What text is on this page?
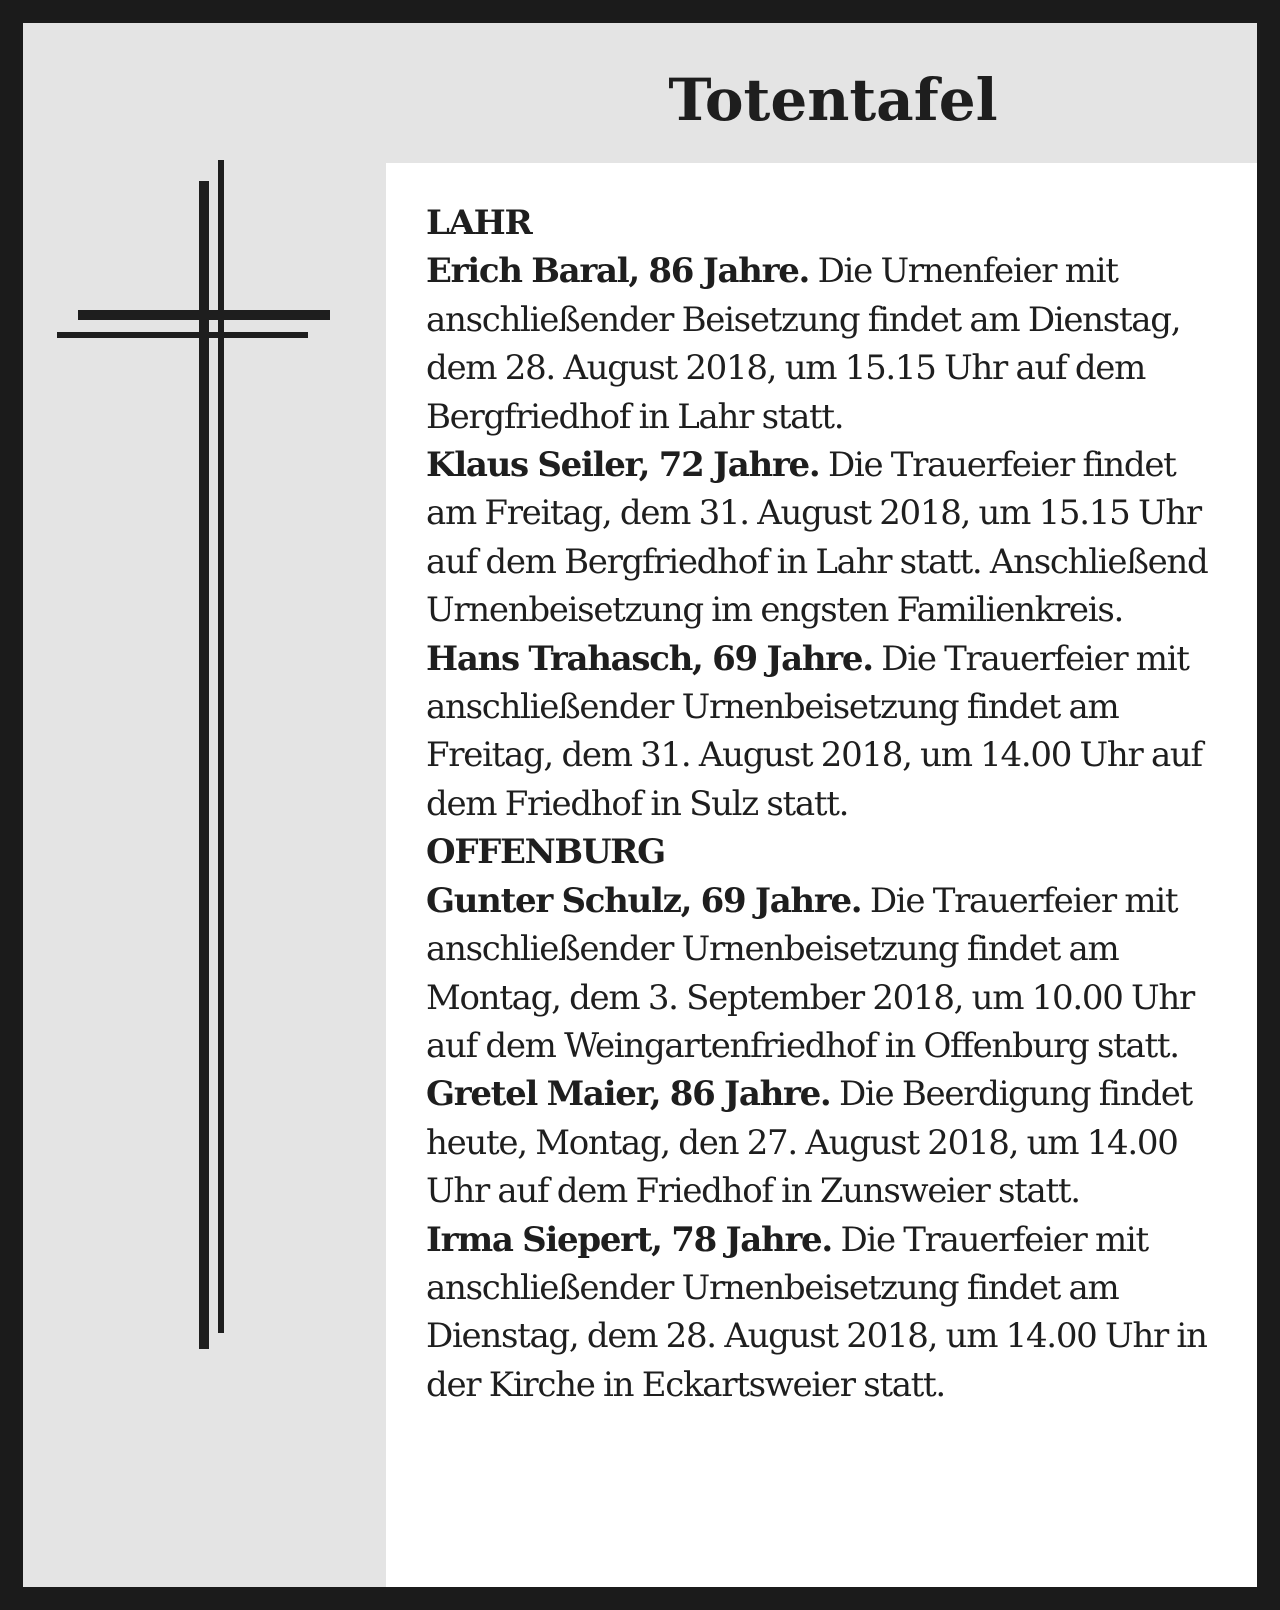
Totentafel

LAHR

Erich Baral, 86 Jahre. Die Urnenfeier mit anschließender Beisetzung findet am Dienstag, dem 28. August 2018, um 15.15 Uhr auf dem Bergfriedhof in Lahr statt.

Klaus Seiler, 72 Jahre. Die Trauerfeier findet am Freitag, dem 31. August 2018, um 15.15 Uhr auf dem Bergfriedhof in Lahr statt. Anschließend Urnenbeisetzung im engsten Familienkreis.

Hans Trahasch, 69 Jahre. Die Trauerfeier mit anschließender Urnenbeisetzung findet am Freitag, dem 31. August 2018, um 14.00 Uhr auf dem Friedhof in Sulz statt.

OFFENBURG

Gunter Schulz, 69 Jahre. Die Trauerfeier mit anschließender Urnenbeisetzung findet am Montag, dem 3. September 2018, um 10.00 Uhr auf dem Weingartenfriedhof in Offenburg statt.

Gretel Maier, 86 Jahre. Die Beerdigung findet heute, Montag, den 27. August 2018, um 14.00 Uhr auf dem Friedhof in Zunsweier statt.

Irma Siepert, 78 Jahre. Die Trauerfeier mit anschließender Urnenbeisetzung findet am Dienstag, dem 28. August 2018, um 14.00 Uhr in der Kirche in Eckartsweier statt.
